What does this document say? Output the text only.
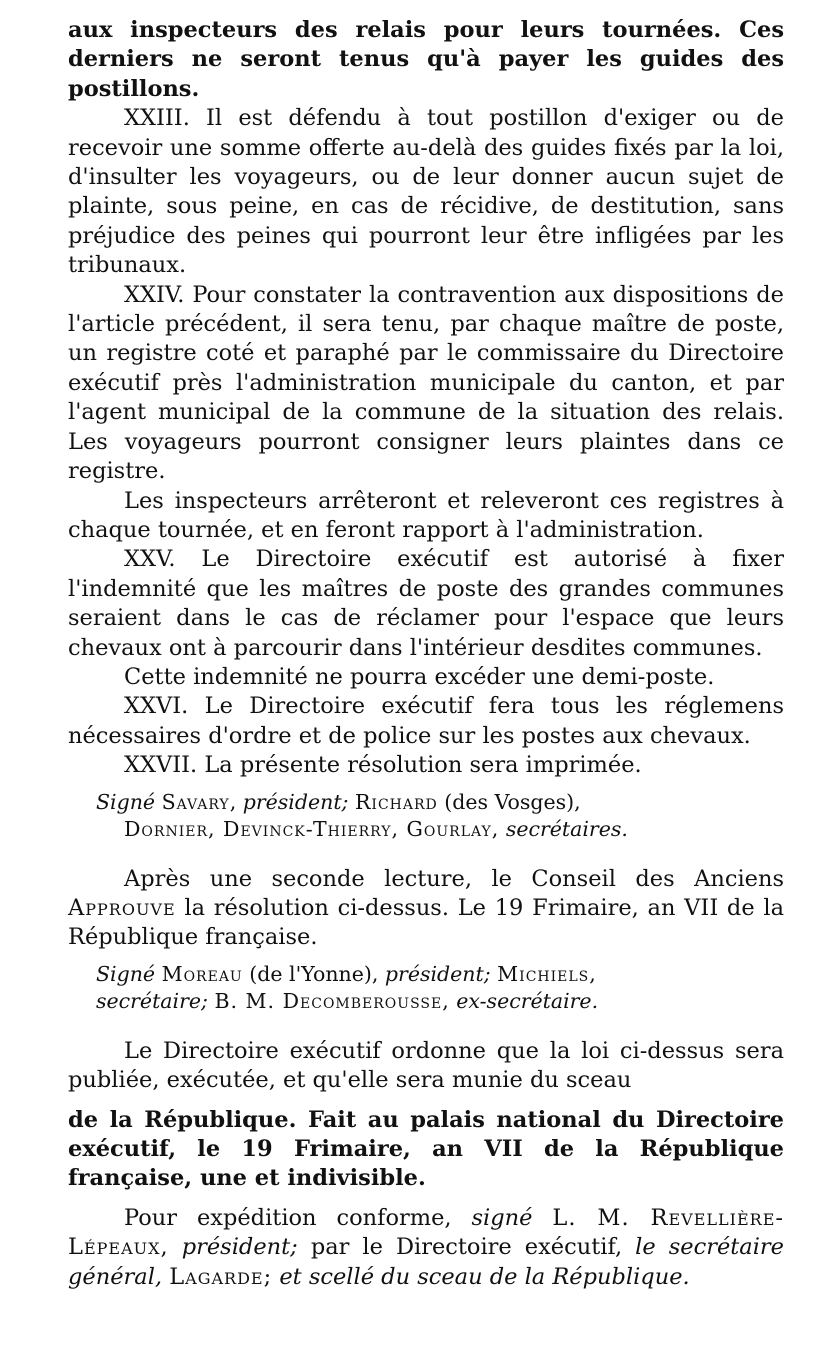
aux inspecteurs des relais pour leurs tournées. Ces derniers ne seront tenus qu'à payer les guides des postillons.

XXIII. Il est défendu à tout postillon d'exiger ou de recevoir une somme offerte au-delà des guides fixés par la loi, d'insulter les voyageurs, ou de leur donner aucun sujet de plainte, sous peine, en cas de récidive, de destitution, sans préjudice des peines qui pourront leur être infligées par les tribunaux.

XXIV. Pour constater la contravention aux dispositions de l'article précédent, il sera tenu, par chaque maître de poste, un registre coté et paraphé par le commissaire du Directoire exécutif près l'administration municipale du canton, et par l'agent municipal de la commune de la situation des relais. Les voyageurs pourront consigner leurs plaintes dans ce registre.

Les inspecteurs arrêteront et releveront ces registres à chaque tournée, et en feront rapport à l'administration.

XXV. Le Directoire exécutif est autorisé à fixer l'indemnité que les maîtres de poste des grandes communes seraient dans le cas de réclamer pour l'espace que leurs chevaux ont à parcourir dans l'intérieur desdites communes.

Cette indemnité ne pourra excéder une demi-poste.

XXVI. Le Directoire exécutif fera tous les réglemens nécessaires d'ordre et de police sur les postes aux chevaux.

XXVII. La présente résolution sera imprimée.

Signé Savary, président; Richard (des Vosges),
Dornier, Devinck-Thierry, Gourlay, secrétaires.

Après une seconde lecture, le Conseil des Anciens Approuve la résolution ci-dessus. Le 19 Frimaire, an VII de la République française.

Signé Moreau (de l'Yonne), président; Michiels,
secrétaire; B. M. Decomberousse, ex-secrétaire.

Le Directoire exécutif ordonne que la loi ci-dessus sera publiée, exécutée, et qu'elle sera munie du sceau

de la République. Fait au palais national du Directoire exécutif, le 19 Frimaire, an VII de la République française, une et indivisible.

Pour expédition conforme, signé L. M. Revellière-Lépeaux, président; par le Directoire exécutif, le secrétaire général, Lagarde; et scellé du sceau de la République.
